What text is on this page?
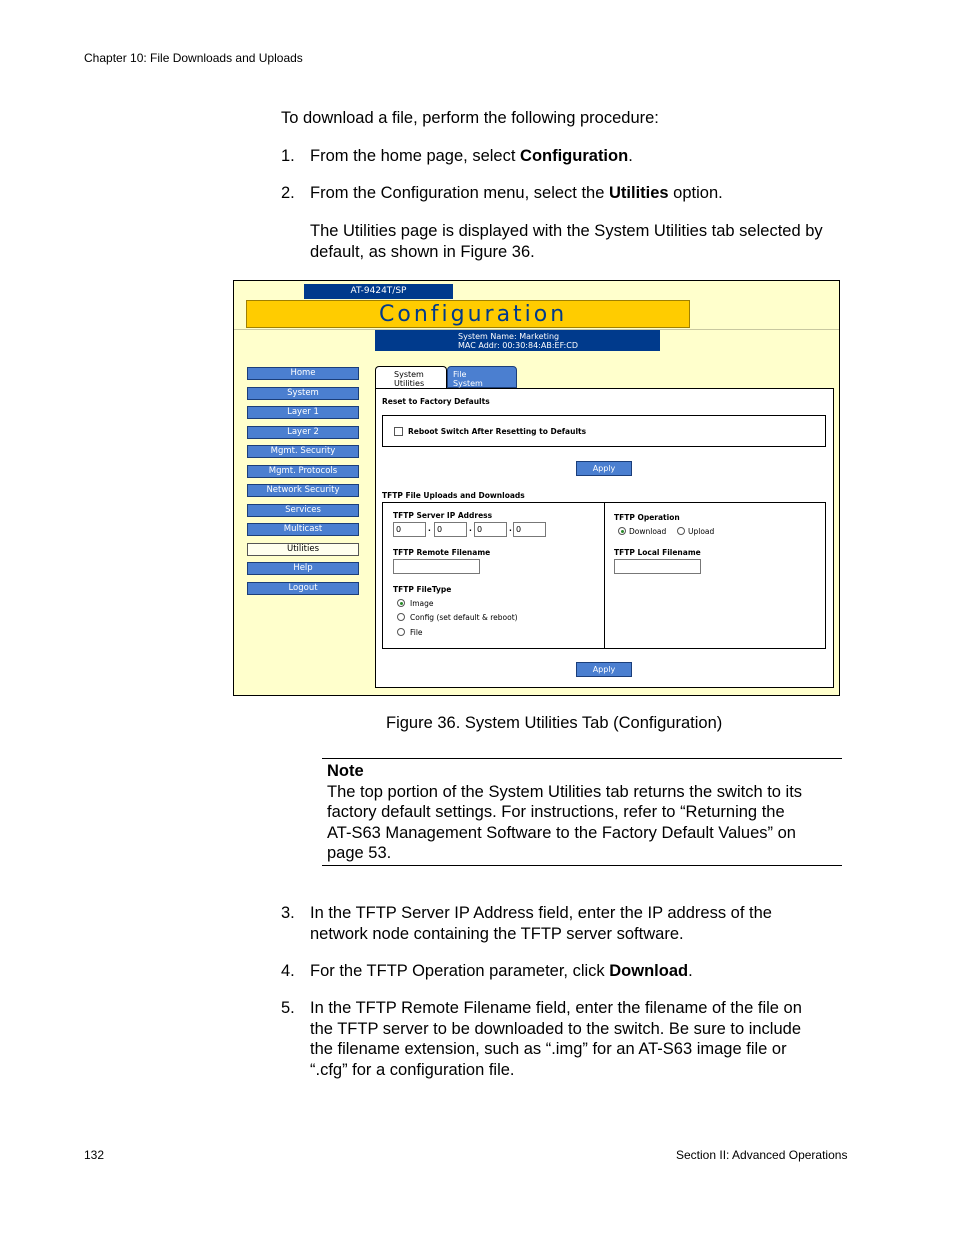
Chapter 10: File Downloads and Uploads
To download a file, perform the following procedure:
1. From the home page, select Configuration.
2. From the Configuration menu, select the Utilities option.
The Utilities page is displayed with the System Utilities tab selected by
default, as shown in Figure 36.
AT-9424T/SP
Configuration
System Name: Marketing
MAC Addr: 00:30:84:AB:EF:CD
Home
System
Layer 1
Layer 2
Mgmt. Security
Mgmt. Protocols
Network Security
Services
Multicast
Utilities
Help
Logout
System
Utilities
File
System
Reset to Factory Defaults
Reboot Switch After Resetting to Defaults
Apply
TFTP File Uploads and Downloads
TFTP Server IP Address
0	. 0	. 0	. 0
TFTP Remote Filename
TFTP FileType
Image
Config (set default & reboot)
File
TFTP Operation
Download	Upload
TFTP Local Filename
Apply
Figure 36. System Utilities Tab (Configuration)
Note
The top portion of the System Utilities tab returns the switch to its
factory default settings. For instructions, refer to “Returning the
AT-S63 Management Software to the Factory Default Values” on
page 53.
3. In the TFTP Server IP Address field, enter the IP address of the
network node containing the TFTP server software.
4. For the TFTP Operation parameter, click Download.
5. In the TFTP Remote Filename field, enter the filename of the file on
the TFTP server to be downloaded to the switch. Be sure to include
the filename extension, such as “.img” for an AT-S63 image file or
“.cfg” for a configuration file.
132	Section II: Advanced Operations
